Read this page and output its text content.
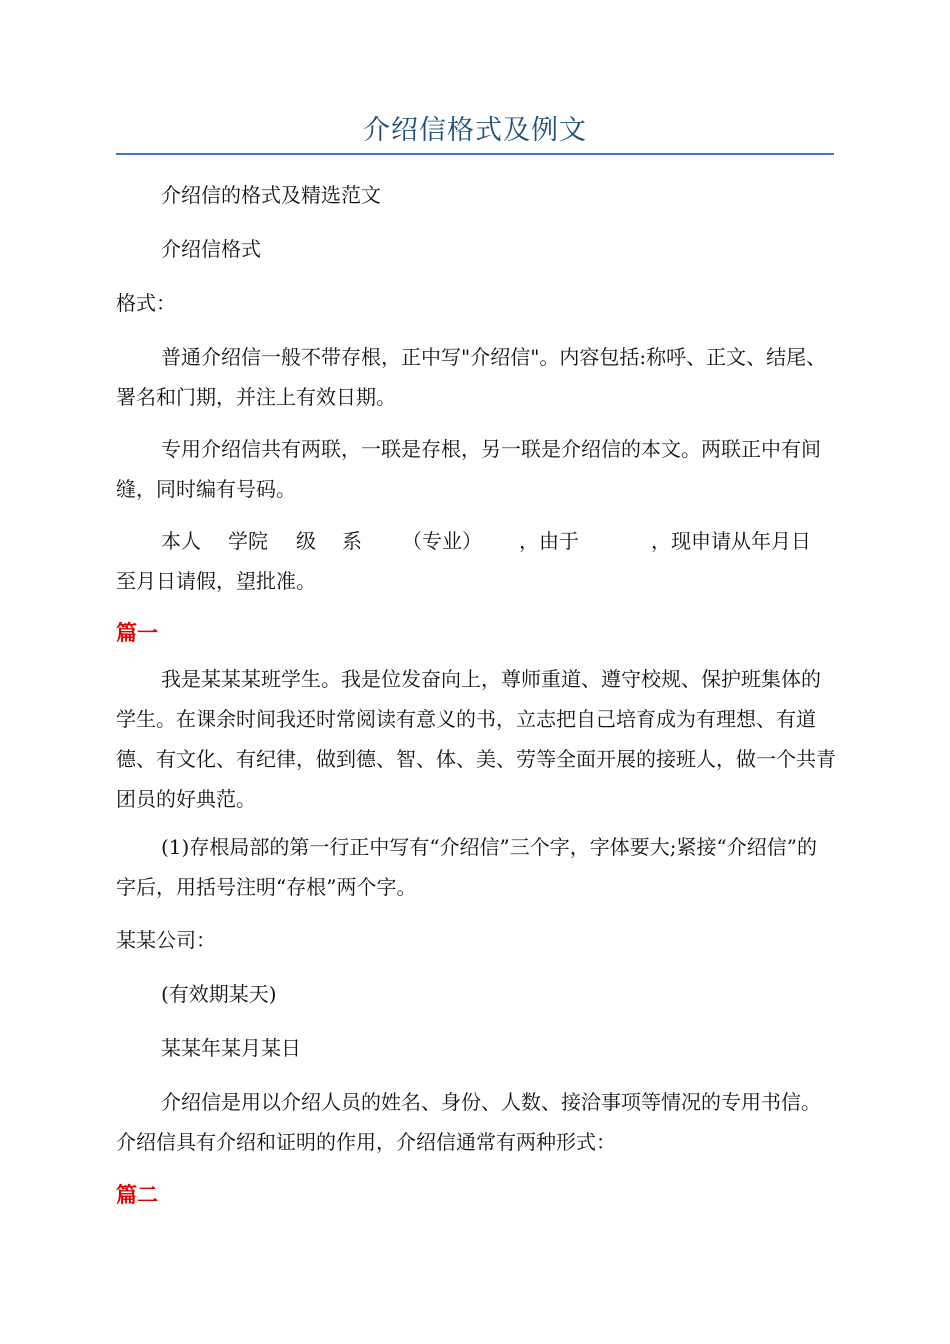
介绍信格式及例文

介绍信的格式及精选范文

介绍信格式

格式：

普通介绍信一般不带存根，正中写"介绍信"。内容包括:称呼、正文、结尾、署名和门期，并注上有效日期。

专用介绍信共有两联，一联是存根，另一联是介绍信的本文。两联正中有间缝，同时编有号码。

本人 学院 级 系 （专业） ，由于	，现申请从年月日

至月日请假，望批准。

篇一

我是某某某班学生。我是位发奋向上，尊师重道、遵守校规、保护班集体的学生。在课余时间我还时常阅读有意义的书，立志把自己培育成为有理想、有道德、有文化、有纪律，做到德、智、体、美、劳等全面开展的接班人，做一个共青团员的好典范。

(1)存根局部的第一行正中写有“介绍信”三个字，字体要大;紧接“介绍信”的字后，用括号注明“存根”两个字。

某某公司：

(有效期某天)

某某年某月某日

介绍信是用以介绍人员的姓名、身份、人数、接洽事项等情况的专用书信。介绍信具有介绍和证明的作用，介绍信通常有两种形式：

篇二
